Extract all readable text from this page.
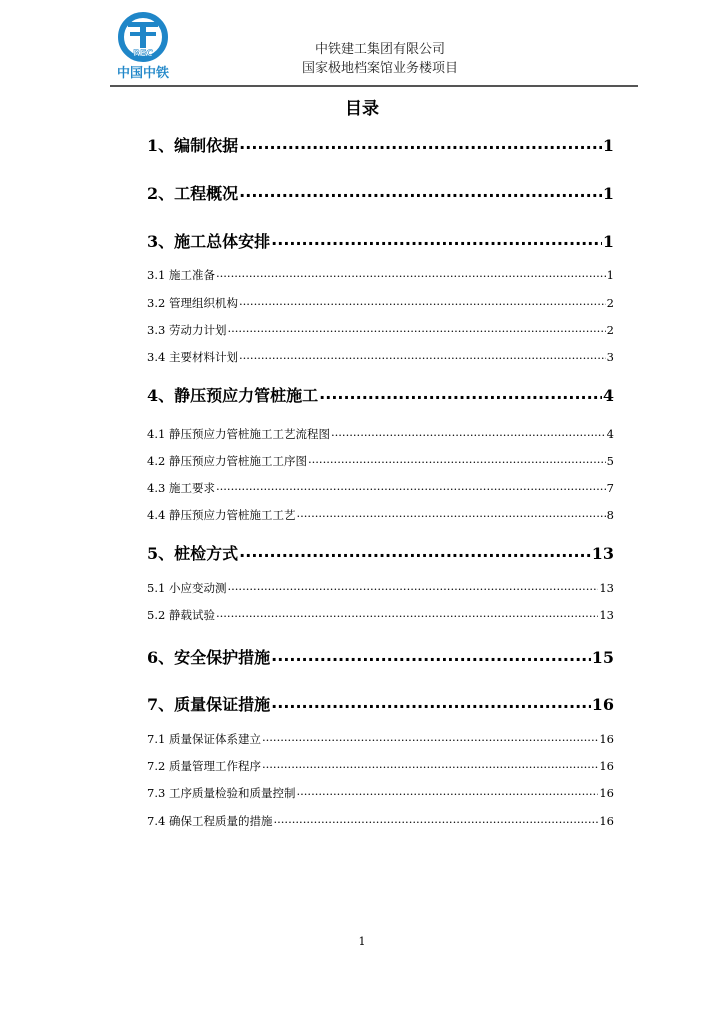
REC
中国中铁
中铁建工集团有限公司
国家极地档案馆业务楼项目
目录
1、编制依据 .....	1
2、工程概况 .....	1
3、施工总体安排 .....	1
3.1 施工准备 .....	1
3.2 管理组织机构 .....	2
3.3 劳动力计划 .....	2
3.4 主要材料计划 .....	3
4、静压预应力管桩施工 .....	4
4.1 静压预应力管桩施工工艺流程图 .....	4
4.2 静压预应力管桩施工工序图 .....	5
4.3 施工要求 .....	7
4.4 静压预应力管桩施工工艺 .....	8
5、桩检方式 .....	13
5.1 小应变动测 .....	13
5.2 静载试验 .....	13
6、安全保护措施 .....	15
7、质量保证措施 .....	16
7.1 质量保证体系建立 .....	16
7.2 质量管理工作程序 .....	16
7.3 工序质量检验和质量控制 .....	16
7.4 确保工程质量的措施 .....	16
1
